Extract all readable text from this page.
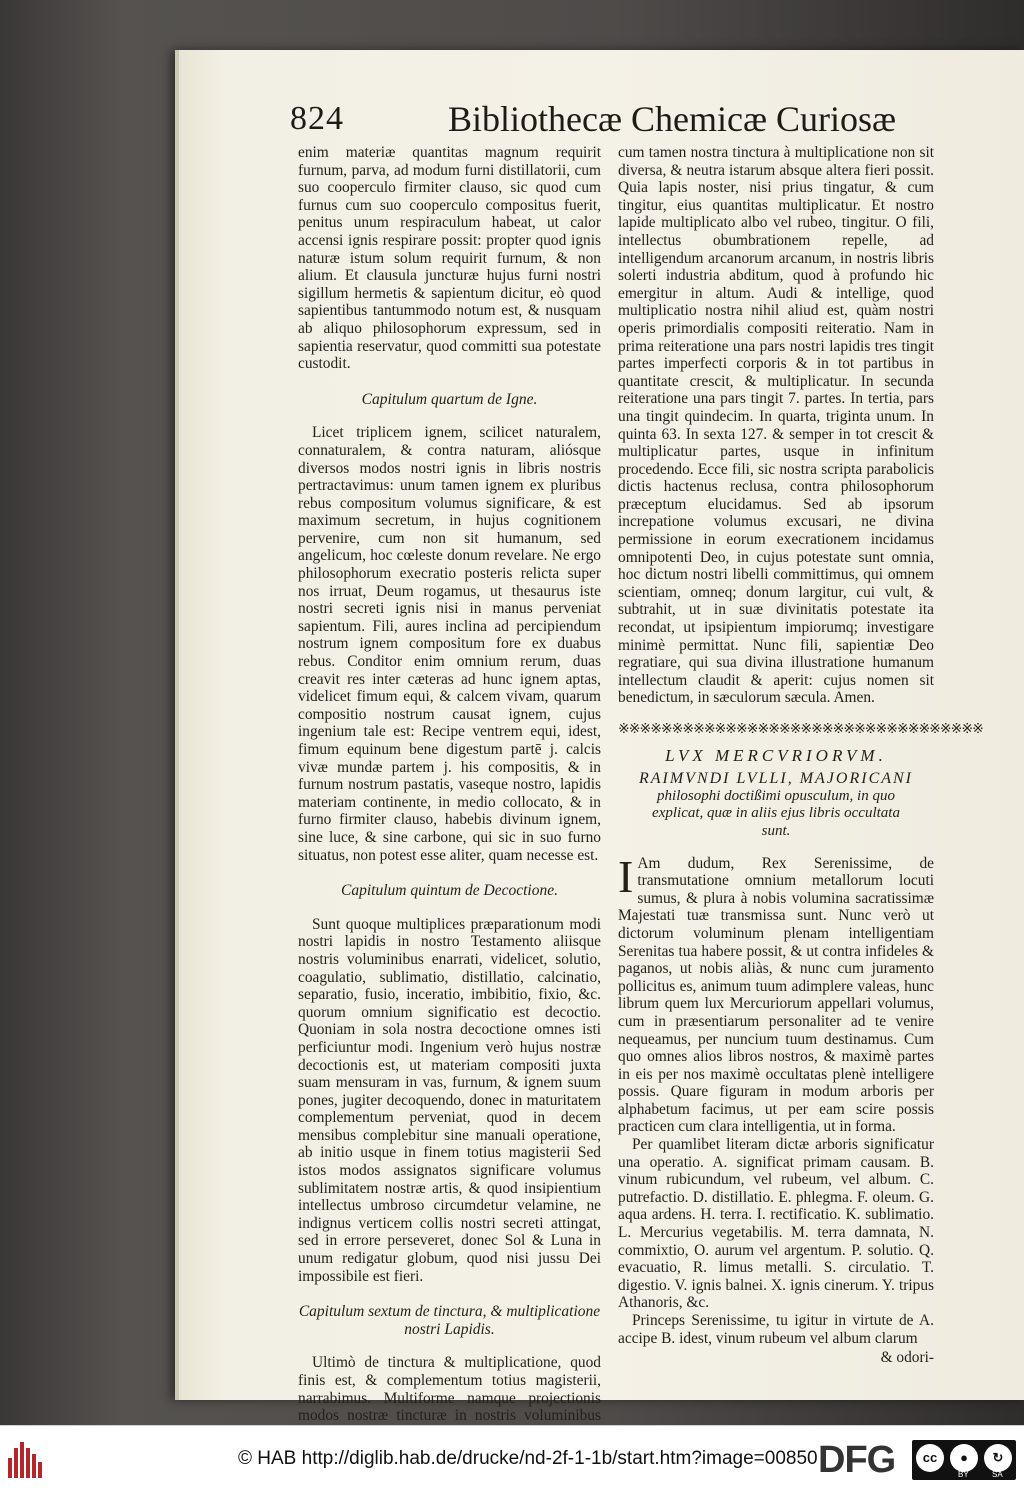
824	Bibliothecæ Chemicæ Curiosæ

enim materiæ quantitas magnum requirit furnum, parva, ad modum furni distillatorii, cum suo cooperculo firmiter clauso, sic quod cum furnus cum suo cooperculo compositus fuerit, penitus unum respiraculum habeat, ut calor accensi ignis respirare possit: propter quod ignis naturæ istum solum requirit furnum, & non alium. Et clausula juncturæ hujus furni nostri sigillum hermetis & sapientum dicitur, eò quod sapientibus tantummodo notum est, & nusquam ab aliquo philosophorum expressum, sed in sapientia reservatur, quod committi sua potestate custodit.

Capitulum quartum de Igne.

Licet triplicem ignem, scilicet naturalem, connaturalem, & contra naturam, aliósque diversos modos nostri ignis in libris nostris pertractavimus: unum tamen ignem ex pluribus rebus compositum volumus significare, & est maximum secretum, in hujus cognitionem pervenire, cum non sit humanum, sed angelicum, hoc cœleste donum revelare. Ne ergo philosophorum execratio posteris relicta super nos irruat, Deum rogamus, ut thesaurus iste nostri secreti ignis nisi in manus perveniat sapientum. Fili, aures inclina ad percipiendum nostrum ignem compositum fore ex duabus rebus. Conditor enim omnium rerum, duas creavit res inter cæteras ad hunc ignem aptas, videlicet fimum equi, & calcem vivam, quarum compositio nostrum causat ignem, cujus ingenium tale est: Recipe ventrem equi, idest, fimum equinum bene digestum partē j. calcis vivæ mundæ partem j. his compositis, & in furnum nostrum pastatis, vaseque nostro, lapidis materiam continente, in medio collocato, & in furno firmiter clauso, habebis divinum ignem, sine luce, & sine carbone, qui sic in suo furno situatus, non potest esse aliter, quam necesse est.

Capitulum quintum de Decoctione.

Sunt quoque multiplices præparationum modi nostri lapidis in nostro Testamento aliisque nostris voluminibus enarrati, videlicet, solutio, coagulatio, sublimatio, distillatio, calcinatio, separatio, fusio, inceratio, imbibitio, fixio, &c. quorum omnium significatio est decoctio. Quoniam in sola nostra decoctione omnes isti perficiuntur modi. Ingenium verò hujus nostræ decoctionis est, ut materiam compositi juxta suam mensuram in vas, furnum, & ignem suum pones, jugiter decoquendo, donec in maturitatem complementum perveniat, quod in decem mensibus complebitur sine manuali operatione, ab initio usque in finem totius magisterii Sed istos modos assignatos significare volumus sublimitatem nostræ artis, & quod insipientium intellectus umbroso circumdetur velamine, ne indignus verticem collis nostri secreti attingat, sed in errore perseveret, donec Sol & Luna in unum redigatur globum, quod nisi jussu Dei impossibile est fieri.

Capitulum sextum de tinctura, & multiplicatione nostri Lapidis.

Ultimò de tinctura & multiplicatione, quod finis est, & complementum totius magisterii, narrabimus. Multiforme namque projectionis modos nostræ tincturæ in nostris voluminibus

cum tamen nostra tinctura à multiplicatione non sit diversa, & neutra istarum absque altera fieri possit. Quia lapis noster, nisi prius tingatur, & cum tingitur, eius quantitas multiplicatur. Et nostro lapide multiplicato albo vel rubeo, tingitur. O fili, intellectus obumbrationem repelle, ad intelligendum arcanorum arcanum, in nostris libris solerti industria abditum, quod à profundo hic emergitur in altum. Audi & intellige, quod multiplicatio nostra nihil aliud est, quàm nostri operis primordialis compositi reiteratio. Nam in prima reiteratione una pars nostri lapidis tres tingit partes imperfecti corporis & in tot partibus in quantitate crescit, & multiplicatur. In secunda reiteratione una pars tingit 7. partes. In tertia, pars una tingit quindecim. In quarta, triginta unum. In quinta 63. In sexta 127. & semper in tot crescit & multiplicatur partes, usque in infinitum procedendo. Ecce fili, sic nostra scripta parabolicis dictis hactenus reclusa, contra philosophorum præceptum elucidamus. Sed ab ipsorum increpatione volumus excusari, ne divina permissione in eorum execrationem incidamus omnipotenti Deo, in cujus potestate sunt omnia, hoc dictum nostri libelli committimus, qui omnem scientiam, omneq; donum largitur, cui vult, & subtrahit, ut in suæ divinitatis potestate ita recondat, ut ipsipientum impiorumq; investigare minimè permittat. Nunc fili, sapientiæ Deo regratiare, qui sua divina illustratione humanum intellectum claudit & aperit: cujus nomen sit benedictum, in sæculorum sæcula. Amen.

※※※※※※※※※※※※※※※※※※※※※※※※※※※※※※※※※※

LVX MERCVRIORVM.

RAIMVNDI LVLLI, MAJORICANI

philosophi doctißimi opusculum, in quo explicat, quæ in aliis ejus libris occultata sunt.

IAm dudum, Rex Serenissime, de transmutatione omnium metallorum locuti sumus, & plura à nobis volumina sacratissimæ Majestati tuæ transmissa sunt. Nunc verò ut dictorum voluminum plenam intelligentiam Serenitas tua habere possit, & ut contra infideles & paganos, ut nobis aliàs, & nunc cum juramento pollicitus es, animum tuum adimplere valeas, hunc librum quem lux Mercuriorum appellari volumus, cum in præsentiarum personaliter ad te venire nequeamus, per nuncium tuum destinamus. Cum quo omnes alios libros nostros, & maximè partes in eis per nos maximè occultatas plenè intelligere possis. Quare figuram in modum arboris per alphabetum facimus, ut per eam scire possis practicen cum clara intelligentia, ut in forma.

Per quamlibet literam dictæ arboris significatur una operatio. A. significat primam causam. B. vinum rubicundum, vel rubeum, vel album. C. putrefactio. D. distillatio. E. phlegma. F. oleum. G. aqua ardens. H. terra. I. rectificatio. K. sublimatio. L. Mercurius vegetabilis. M. terra damnata, N. commixtio, O. aurum vel argentum. P. solutio. Q. evacuatio, R. limus metalli. S. circulatio. T. digestio. V. ignis balnei. X. ignis cinerum. Y. tripus Athanoris, &c.

Princeps Serenissime, tu igitur in virtute de A. accipe B. idest, vinum rubeum vel album clarum

& odori-

© HAB http://diglib.hab.de/drucke/nd-2f-1-1b/start.htm?image=00850 DFG	cc	●	↻
BY	SA
